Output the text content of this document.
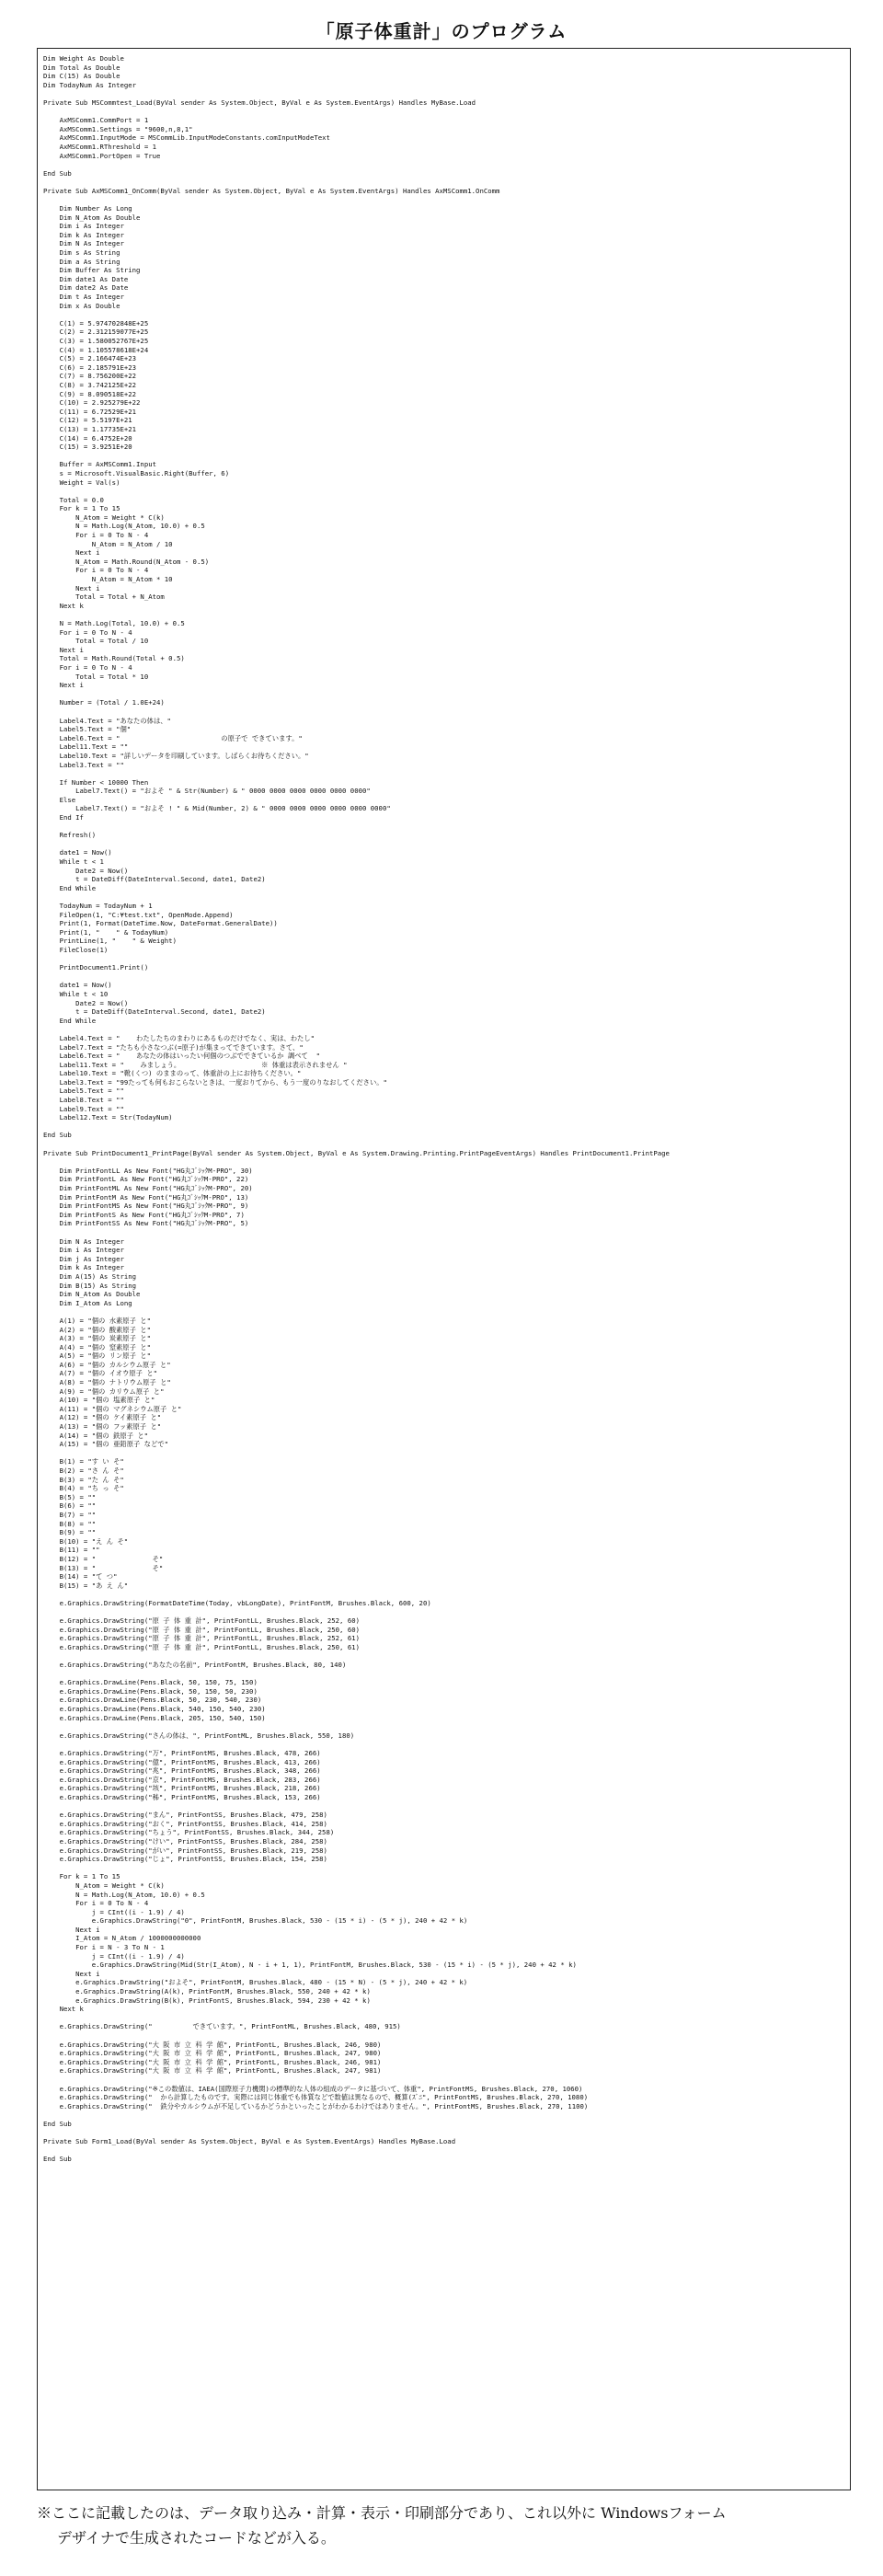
「原子体重計」のプログラム
Dim Weight As Double
Dim Total As Double
Dim C(15) As Double
Dim TodayNum As Integer

Private Sub MSCommtest_Load(ByVal sender As System.Object, ByVal e As System.EventArgs) Handles MyBase.Load

AxMSComm1.CommPort = 1
AxMSComm1.Settings = "9600,n,8,1"
AxMSComm1.InputMode = MSCommLib.InputModeConstants.comInputModeText
AxMSComm1.RThreshold = 1
AxMSComm1.PortOpen = True

End Sub

Private Sub AxMSComm1_OnComm(ByVal sender As System.Object, ByVal e As System.EventArgs) Handles AxMSComm1.OnComm

Dim Number As Long
Dim N_Atom As Double
Dim i As Integer
Dim k As Integer
Dim N As Integer
Dim s As String
Dim a As String
Dim Buffer As String
Dim date1 As Date
Dim date2 As Date
Dim t As Integer
Dim x As Double

C(1) = 5.974702848E+25
C(2) = 2.312159077E+25
C(3) = 1.580052767E+25
C(4) = 1.105578618E+24
C(5) = 2.166474E+23
C(6) = 2.185791E+23
C(7) = 8.756200E+22
C(8) = 3.742125E+22
C(9) = 8.090518E+22
C(10) = 2.925279E+22
C(11) = 6.72529E+21
C(12) = 5.5197E+21
C(13) = 1.17735E+21
C(14) = 6.4752E+20
C(15) = 3.9251E+20

Buffer = AxMSComm1.Input
s = Microsoft.VisualBasic.Right(Buffer, 6)
Weight = Val(s)

Total = 0.0
For k = 1 To 15
N_Atom = Weight * C(k)
N = Math.Log(N_Atom, 10.0) + 0.5
For i = 0 To N - 4
N_Atom = N_Atom / 10
Next i
N_Atom = Math.Round(N_Atom - 0.5)
For i = 0 To N - 4
N_Atom = N_Atom * 10
Next i
Total = Total + N_Atom
Next k

N = Math.Log(Total, 10.0) + 0.5
For i = 0 To N - 4
Total = Total / 10
Next i
Total = Math.Round(Total + 0.5)
For i = 0 To N - 4
Total = Total * 10
Next i

Number = (Total / 1.0E+24)

Label4.Text = "あなたの体は、"
Label5.Text = "個"
Label6.Text = "                         の原子で できています。"
Label11.Text = ""
Label10.Text = "詳しいデータを印刷しています。しばらくお待ちください。"
Label3.Text = ""

If Number < 10000 Then
Label7.Text() = "およそ " & Str(Number) & " 0000 0000 0000 0000 0000 0000"
Else
Label7.Text() = "およそ ! " & Mid(Number, 2) & " 0000 0000 0000 0000 0000 0000"
End If

Refresh()

date1 = Now()
While t < 1
Date2 = Now()
t = DateDiff(DateInterval.Second, date1, Date2)
End While

TodayNum = TodayNum + 1
FileOpen(1, "C:¥test.txt", OpenMode.Append)
Print(1, Format(DateTime.Now, DateFormat.GeneralDate))
Print(1, "    " & TodayNum)
PrintLine(1, "    " & Weight)
FileClose(1)

PrintDocument1.Print()

date1 = Now()
While t < 10
Date2 = Now()
t = DateDiff(DateInterval.Second, date1, Date2)
End While

Label4.Text = "    わたしたちのまわりにあるものだけでなく、実は、わたし"
Label7.Text = "たちも小さなつぶ(=原子)が集まってできています。さて、"
Label6.Text = "    あなたの体はいったい何個のつぶでできているか 調べて  "
Label11.Text = "    みましょう。                    ※ 体重は表示されません "
Label10.Text = "靴(くつ) のままのって、体重計の上にお待ちください。"
Label3.Text = "99たっても何もおこらないときは、一度おりてから、もう一度のりなおしてください。"
Label5.Text = ""
Label8.Text = ""
Label9.Text = ""
Label12.Text = Str(TodayNum)

End Sub

Private Sub PrintDocument1_PrintPage(ByVal sender As System.Object, ByVal e As System.Drawing.Printing.PrintPageEventArgs) Handles PrintDocument1.PrintPage

Dim PrintFontLL As New Font("HG丸ｺﾞｼｯｸM-PRO", 30)
Dim PrintFontL As New Font("HG丸ｺﾞｼｯｸM-PRO", 22)
Dim PrintFontML As New Font("HG丸ｺﾞｼｯｸM-PRO", 20)
Dim PrintFontM As New Font("HG丸ｺﾞｼｯｸM-PRO", 13)
Dim PrintFontMS As New Font("HG丸ｺﾞｼｯｸM-PRO", 9)
Dim PrintFontS As New Font("HG丸ｺﾞｼｯｸM-PRO", 7)
Dim PrintFontSS As New Font("HG丸ｺﾞｼｯｸM-PRO", 5)

Dim N As Integer
Dim i As Integer
Dim j As Integer
Dim k As Integer
Dim A(15) As String
Dim B(15) As String
Dim N_Atom As Double
Dim I_Atom As Long

A(1) = "個の 水素原子 と"
A(2) = "個の 酸素原子 と"
A(3) = "個の 炭素原子 と"
A(4) = "個の 窒素原子 と"
A(5) = "個の リン原子 と"
A(6) = "個の カルシウム原子 と"
A(7) = "個の イオウ原子 と"
A(8) = "個の ナトリウム原子 と"
A(9) = "個の カリウム原子 と"
A(10) = "個の 塩素原子 と"
A(11) = "個の マグネシウム原子 と"
A(12) = "個の ケイ素原子 と"
A(13) = "個の フッ素原子 と"
A(14) = "個の 鉄原子 と"
A(15) = "個の 亜鉛原子 などで"

B(1) = "す い そ"
B(2) = "さ ん そ"
B(3) = "た ん そ"
B(4) = "ち っ そ"
B(5) = ""
B(6) = ""
B(7) = ""
B(8) = ""
B(9) = ""
B(10) = "え ん そ"
B(11) = ""
B(12) = "              そ"
B(13) = "              そ"
B(14) = "て つ"
B(15) = "あ え ん"

e.Graphics.DrawString(FormatDateTime(Today, vbLongDate), PrintFontM, Brushes.Black, 600, 20)

e.Graphics.DrawString("原 子 体 重 計", PrintFontLL, Brushes.Black, 252, 60)
e.Graphics.DrawString("原 子 体 重 計", PrintFontLL, Brushes.Black, 250, 60)
e.Graphics.DrawString("原 子 体 重 計", PrintFontLL, Brushes.Black, 252, 61)
e.Graphics.DrawString("原 子 体 重 計", PrintFontLL, Brushes.Black, 250, 61)

e.Graphics.DrawString("あなたの名前", PrintFontM, Brushes.Black, 80, 140)

e.Graphics.DrawLine(Pens.Black, 50, 150, 75, 150)
e.Graphics.DrawLine(Pens.Black, 50, 150, 50, 230)
e.Graphics.DrawLine(Pens.Black, 50, 230, 540, 230)
e.Graphics.DrawLine(Pens.Black, 540, 150, 540, 230)
e.Graphics.DrawLine(Pens.Black, 205, 150, 540, 150)

e.Graphics.DrawString("さんの体は、", PrintFontML, Brushes.Black, 550, 180)

e.Graphics.DrawString("万", PrintFontMS, Brushes.Black, 478, 266)
e.Graphics.DrawString("億", PrintFontMS, Brushes.Black, 413, 266)
e.Graphics.DrawString("兆", PrintFontMS, Brushes.Black, 348, 266)
e.Graphics.DrawString("京", PrintFontMS, Brushes.Black, 283, 266)
e.Graphics.DrawString("垓", PrintFontMS, Brushes.Black, 218, 266)
e.Graphics.DrawString("秭", PrintFontMS, Brushes.Black, 153, 266)

e.Graphics.DrawString("まん", PrintFontSS, Brushes.Black, 479, 258)
e.Graphics.DrawString("おく", PrintFontSS, Brushes.Black, 414, 258)
e.Graphics.DrawString("ちょう", PrintFontSS, Brushes.Black, 344, 258)
e.Graphics.DrawString("けい", PrintFontSS, Brushes.Black, 284, 258)
e.Graphics.DrawString("がい", PrintFontSS, Brushes.Black, 219, 258)
e.Graphics.DrawString("じょ", PrintFontSS, Brushes.Black, 154, 258)

For k = 1 To 15
N_Atom = Weight * C(k)
N = Math.Log(N_Atom, 10.0) + 0.5
For i = 0 To N - 4
j = CInt((i - 1.9) / 4)
e.Graphics.DrawString("0", PrintFontM, Brushes.Black, 530 - (15 * i) - (5 * j), 240 + 42 * k)
Next i
I_Atom = N_Atom / 1000000000000
For i = N - 3 To N - 1
j = CInt((i - 1.9) / 4)
e.Graphics.DrawString(Mid(Str(I_Atom), N - i + 1, 1), PrintFontM, Brushes.Black, 530 - (15 * i) - (5 * j), 240 + 42 * k)
Next i
e.Graphics.DrawString("およそ", PrintFontM, Brushes.Black, 480 - (15 * N) - (5 * j), 240 + 42 * k)
e.Graphics.DrawString(A(k), PrintFontM, Brushes.Black, 550, 240 + 42 * k)
e.Graphics.DrawString(B(k), PrintFontS, Brushes.Black, 594, 230 + 42 * k)
Next k

e.Graphics.DrawString("          できています。", PrintFontML, Brushes.Black, 480, 915)

e.Graphics.DrawString("大 阪 市 立 科 学 館", PrintFontL, Brushes.Black, 246, 980)
e.Graphics.DrawString("大 阪 市 立 科 学 館", PrintFontL, Brushes.Black, 247, 980)
e.Graphics.DrawString("大 阪 市 立 科 学 館", PrintFontL, Brushes.Black, 246, 981)
e.Graphics.DrawString("大 阪 市 立 科 学 館", PrintFontL, Brushes.Black, 247, 981)

e.Graphics.DrawString("※この数値は、IAEA(国際原子力機関)の標準的な人体の組成のデータに基づいて、体重", PrintFontMS, Brushes.Black, 270, 1060)
e.Graphics.DrawString("  から計算したものです。実際には同じ体重でも体質などで数値は異なるので、概算(ｽﾞﾆ", PrintFontMS, Brushes.Black, 270, 1080)
e.Graphics.DrawString("  鉄分やカルシウムが不足しているかどうかといったことがわかるわけではありません。", PrintFontMS, Brushes.Black, 270, 1100)

End Sub

Private Sub Form1_Load(ByVal sender As System.Object, ByVal e As System.EventArgs) Handles MyBase.Load

End Sub

※ここに記載したのは、データ取り込み・計算・表示・印刷部分であり、これ以外に Windowsフォーム
デザイナで生成されたコードなどが入る。
